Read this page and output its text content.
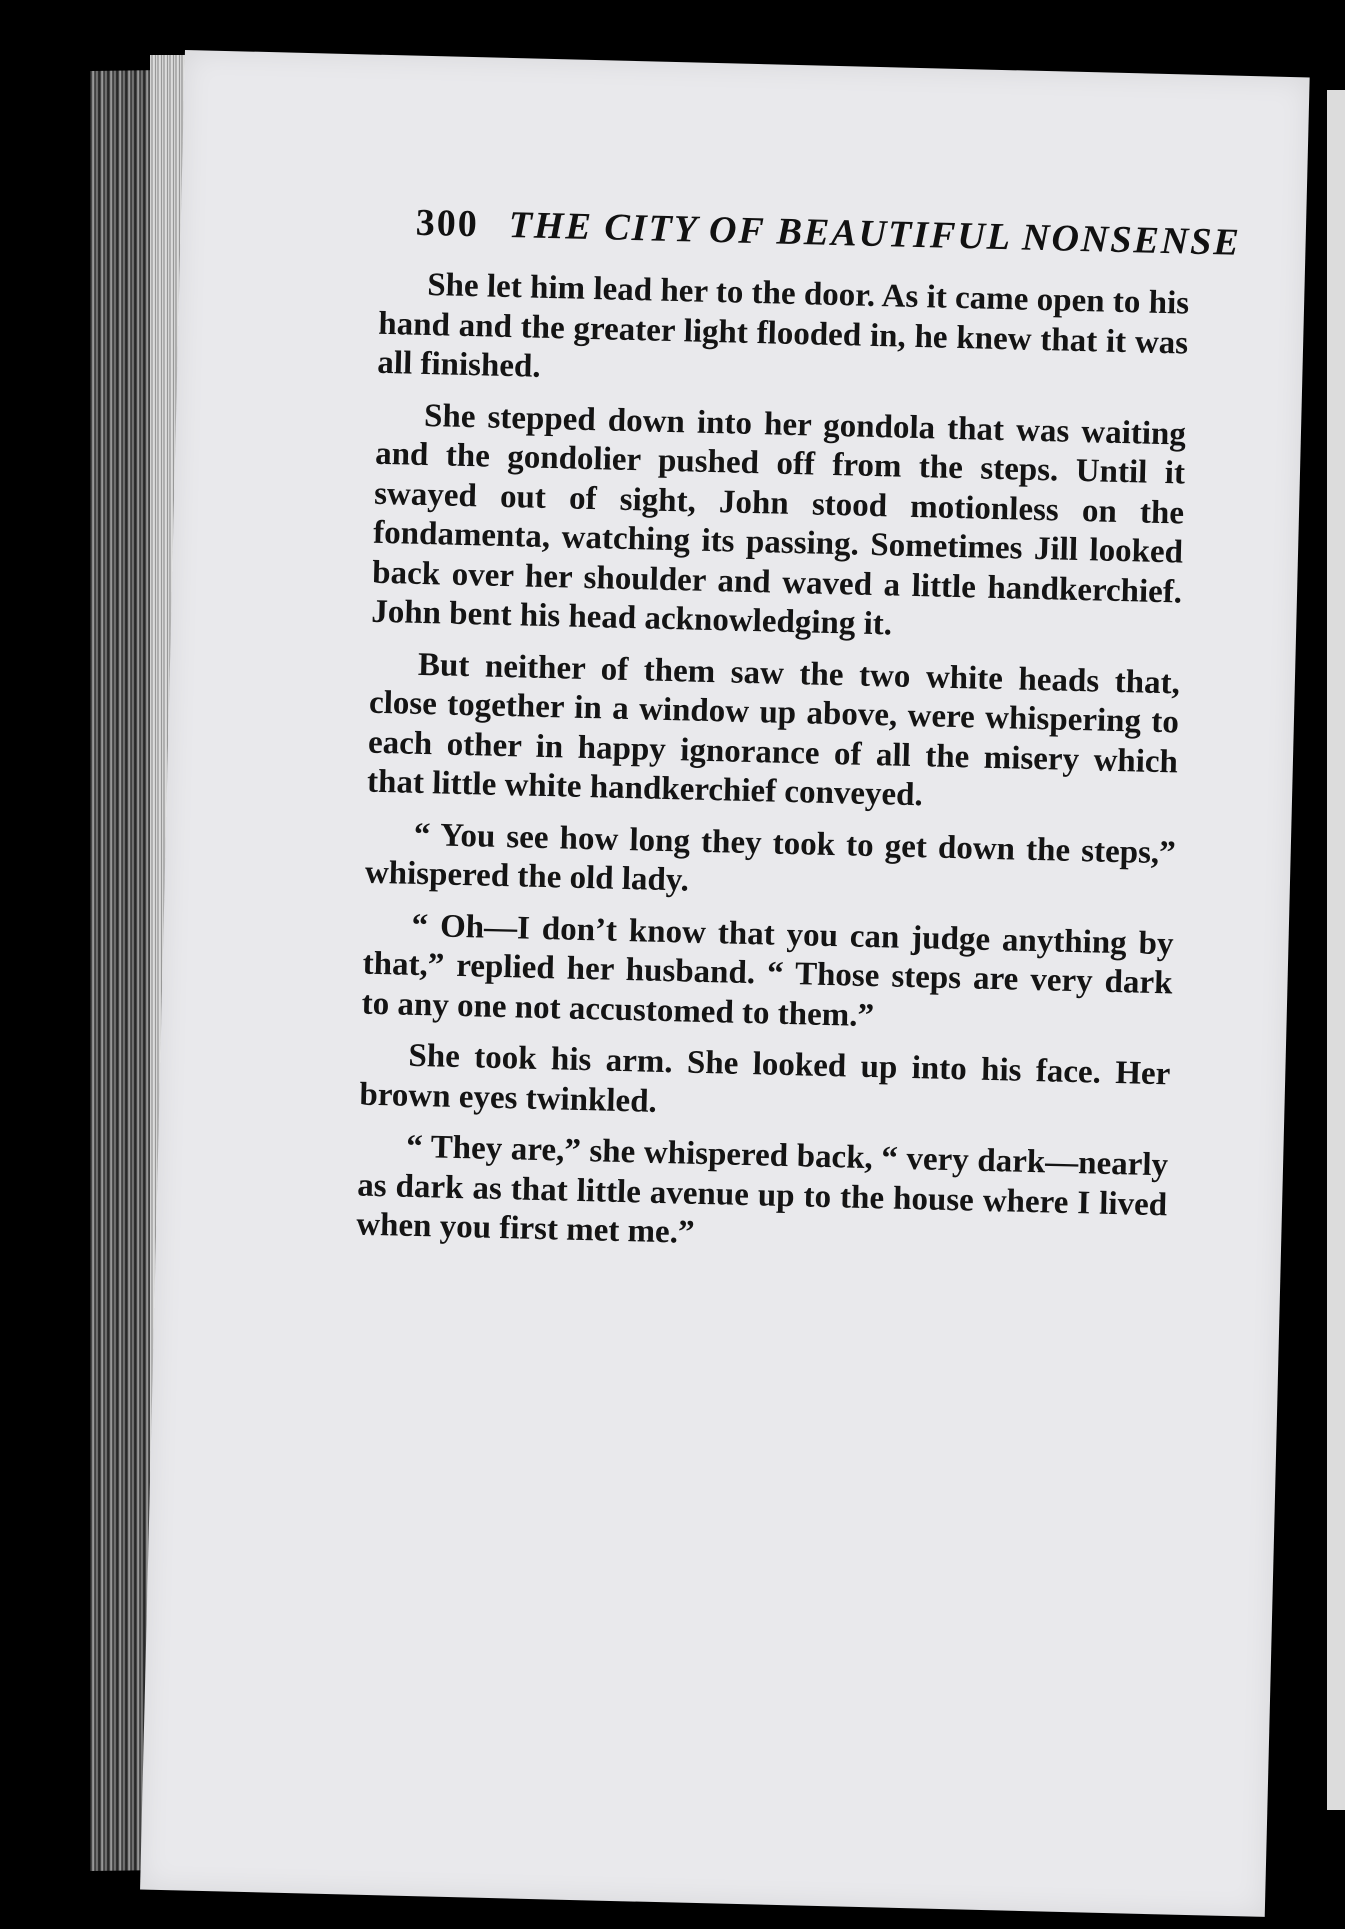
300 THE CITY OF BEAUTIFUL NONSENSE

She let him lead her to the door. As it came open to his hand and the greater light flooded in, he knew that it was all finished.

She stepped down into her gondola that was waiting and the gondolier pushed off from the steps. Until it swayed out of sight, John stood motionless on the fondamenta, watching its passing. Sometimes Jill looked back over her shoulder and waved a little handkerchief. John bent his head acknowledging it.

But neither of them saw the two white heads that, close together in a window up above, were whispering to each other in happy ignorance of all the misery which that little white handkerchief conveyed.

“ You see how long they took to get down the steps,” whispered the old lady.

“ Oh—I don’t know that you can judge anything by that,” replied her husband. “ Those steps are very dark to any one not accustomed to them.”

She took his arm. She looked up into his face. Her brown eyes twinkled.

“ They are,” she whispered back, “ very dark—nearly as dark as that little avenue up to the house where I lived when you first met me.”
